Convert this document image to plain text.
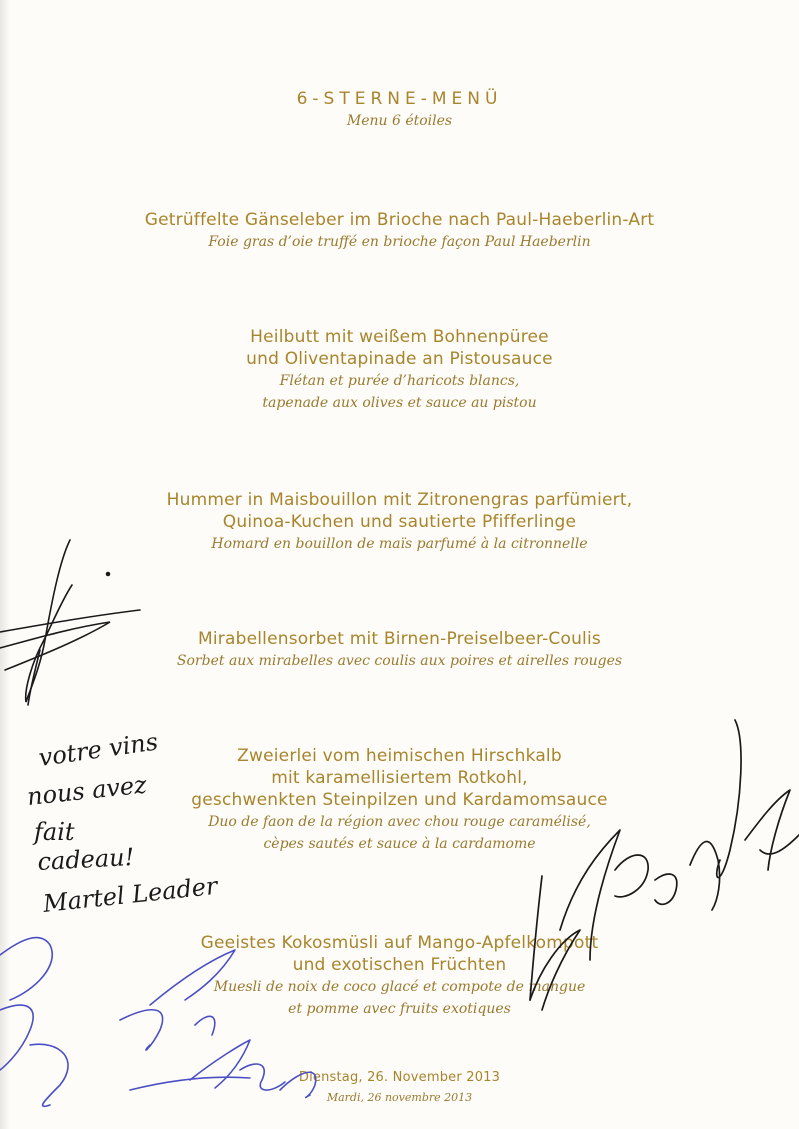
6-STERNE-MENÜ
Menu 6 étoiles
Getrüffelte Gänseleber im Brioche nach Paul-Haeberlin-Art
Foie gras d’oie truffé en brioche façon Paul Haeberlin
Heilbutt mit weißem Bohnenpüree
und Oliventapinade an Pistousauce
Flétan et purée d’haricots blancs,
tapenade aux olives et sauce au pistou
Hummer in Maisbouillon mit Zitronengras parfümiert,
Quinoa-Kuchen und sautierte Pfifferlinge
Homard en bouillon de maïs parfumé à la citronnelle
Mirabellensorbet mit Birnen-Preiselbeer-Coulis
Sorbet aux mirabelles avec coulis aux poires et airelles rouges
Zweierlei vom heimischen Hirschkalb
mit karamellisiertem Rotkohl,
geschwenkten Steinpilzen und Kardamomsauce
Duo de faon de la région avec chou rouge caramélisé,
cèpes sautés et sauce à la cardamome
Geeistes Kokosmüsli auf Mango-Apfelkompott
und exotischen Früchten
Muesli de noix de coco glacé et compote de mangue
et pomme avec fruits exotiques
Dienstag, 26. November 2013
Mardi, 26 novembre 2013
votre vins
nous avez
fait
cadeau!
Martel Leader
